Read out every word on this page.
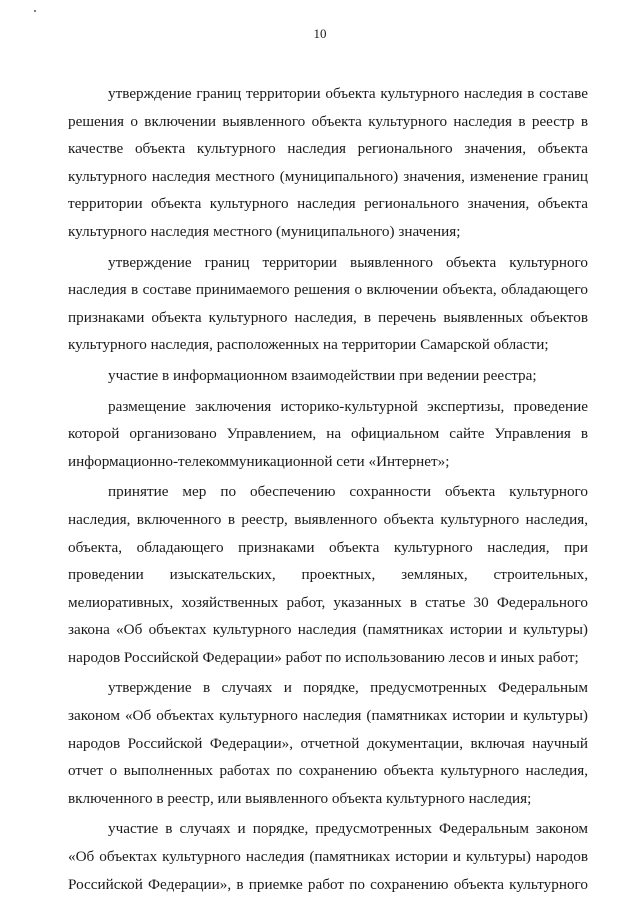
10

утверждение границ территории объекта культурного наследия в составе
решения о включении выявленного объекта культурного наследия в реестр в
качестве объекта культурного наследия регионального значения, объекта
культурного наследия местного (муниципального) значения, изменение границ
территории объекта культурного наследия регионального значения, объекта
культурного наследия местного (муниципального) значения;

утверждение границ территории выявленного объекта культурного
наследия в составе принимаемого решения о включении объекта, обладающего
признаками объекта культурного наследия, в перечень выявленных объектов
культурного наследия, расположенных на территории Самарской области;

участие в информационном взаимодействии при ведении реестра;

размещение заключения историко-культурной экспертизы, проведение
которой организовано Управлением, на официальном сайте Управления в
информационно-телекоммуникационной сети «Интернет»;

принятие мер по обеспечению сохранности объекта культурного
наследия, включенного в реестр, выявленного объекта культурного наследия,
объекта, обладающего признаками объекта культурного наследия, при
проведении изыскательских, проектных, земляных, строительных,
мелиоративных, хозяйственных работ, указанных в статье 30 Федерального
закона «Об объектах культурного наследия (памятниках истории и культуры)
народов Российской Федерации» работ по использованию лесов и иных работ;

утверждение в случаях и порядке, предусмотренных Федеральным
законом «Об объектах культурного наследия (памятниках истории и культуры)
народов Российской Федерации», отчетной документации, включая научный
отчет о выполненных работах по сохранению объекта культурного наследия,
включенного в реестр, или выявленного объекта культурного наследия;

участие в случаях и порядке, предусмотренных Федеральным законом
«Об объектах культурного наследия (памятниках истории и культуры) народов
Российской Федерации», в приемке работ по сохранению объекта культурного
